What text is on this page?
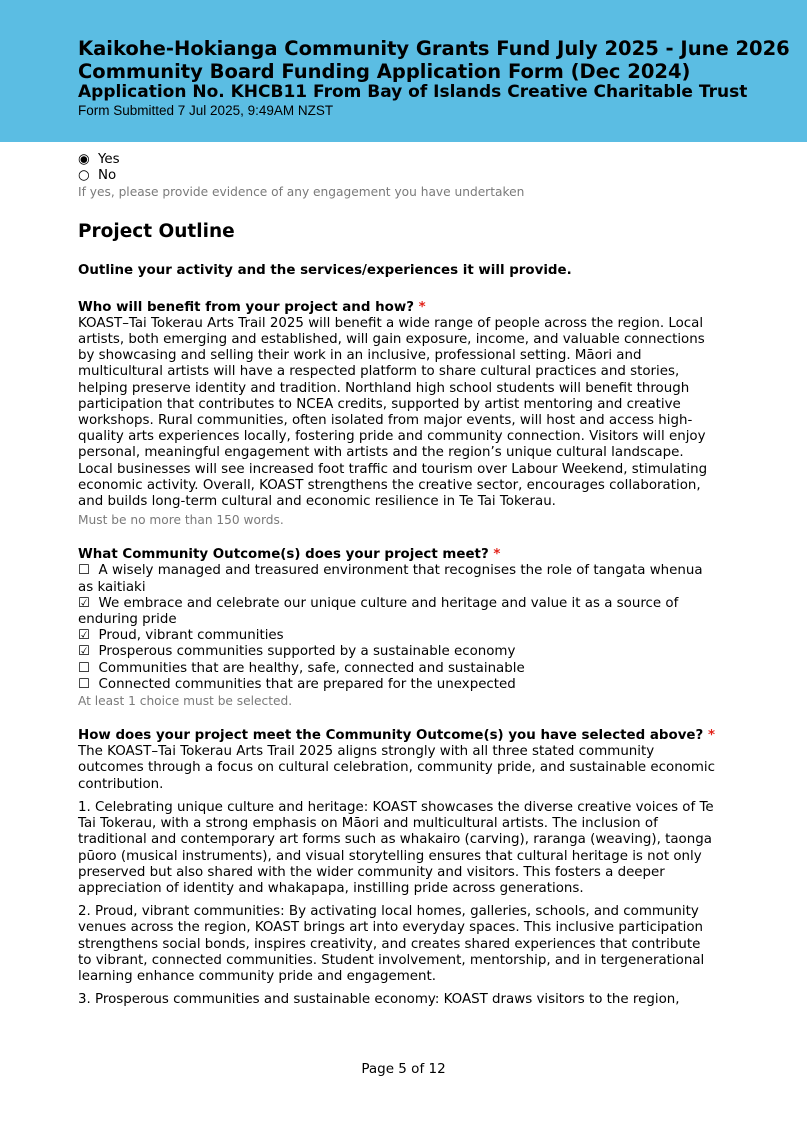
Kaikohe-Hokianga Community Grants Fund July 2025 - June 2026
Community Board Funding Application Form (Dec 2024)
Application No. KHCB11 From Bay of Islands Creative Charitable Trust
Form Submitted 7 Jul 2025, 9:49AM NZST
◉ Yes
○ No
If yes, please provide evidence of any engagement you have undertaken
Project Outline

Outline your activity and the services/experiences it will provide.

Who will benefit from your project and how? *

KOAST–Tai Tokerau Arts Trail 2025 will benefit a wide range of people across the region. Local artists, both emerging and established, will gain exposure, income, and valuable connections by showcasing and selling their work in an inclusive, professional setting. Māori and multicultural artists will have a respected platform to share cultural practices and stories, helping preserve identity and tradition. Northland high school students will benefit through participation that contributes to NCEA credits, supported by artist mentoring and creative workshops. Rural communities, often isolated from major events, will host and access high-quality arts experiences locally, fostering pride and community connection. Visitors will enjoy personal, meaningful engagement with artists and the region’s unique cultural landscape. Local businesses will see increased foot traffic and tourism over Labour Weekend, stimulating economic activity. Overall, KOAST strengthens the creative sector, encourages collaboration, and builds long-term cultural and economic resilience in Te Tai Tokerau.

Must be no more than 150 words.

What Community Outcome(s) does your project meet? *

☐ A wisely managed and treasured environment that recognises the role of tangata whenua as kaitiaki
☑ We embrace and celebrate our unique culture and heritage and value it as a source of enduring pride
☑ Proud, vibrant communities
☑ Prosperous communities supported by a sustainable economy
☐ Communities that are healthy, safe, connected and sustainable
☐ Connected communities that are prepared for the unexpected
At least 1 choice must be selected.

How does your project meet the Community Outcome(s) you have selected above? *

The KOAST–Tai Tokerau Arts Trail 2025 aligns strongly with all three stated community outcomes through a focus on cultural celebration, community pride, and sustainable economic contribution.

1. Celebrating unique culture and heritage: KOAST showcases the diverse creative voices of Te Tai Tokerau, with a strong emphasis on Māori and multicultural artists. The inclusion of traditional and contemporary art forms such as whakairo (carving), raranga (weaving), taonga pūoro (musical instruments), and visual storytelling ensures that cultural heritage is not only preserved but also shared with the wider community and visitors. This fosters a deeper appreciation of identity and whakapapa, instilling pride across generations.

2. Proud, vibrant communities: By activating local homes, galleries, schools, and community venues across the region, KOAST brings art into everyday spaces. This inclusive participation strengthens social bonds, inspires creativity, and creates shared experiences that contribute to vibrant, connected communities. Student involvement, mentorship, and in tergenerational learning enhance community pride and engagement.

3. Prosperous communities and sustainable economy: KOAST draws visitors to the region,

Page 5 of 12
